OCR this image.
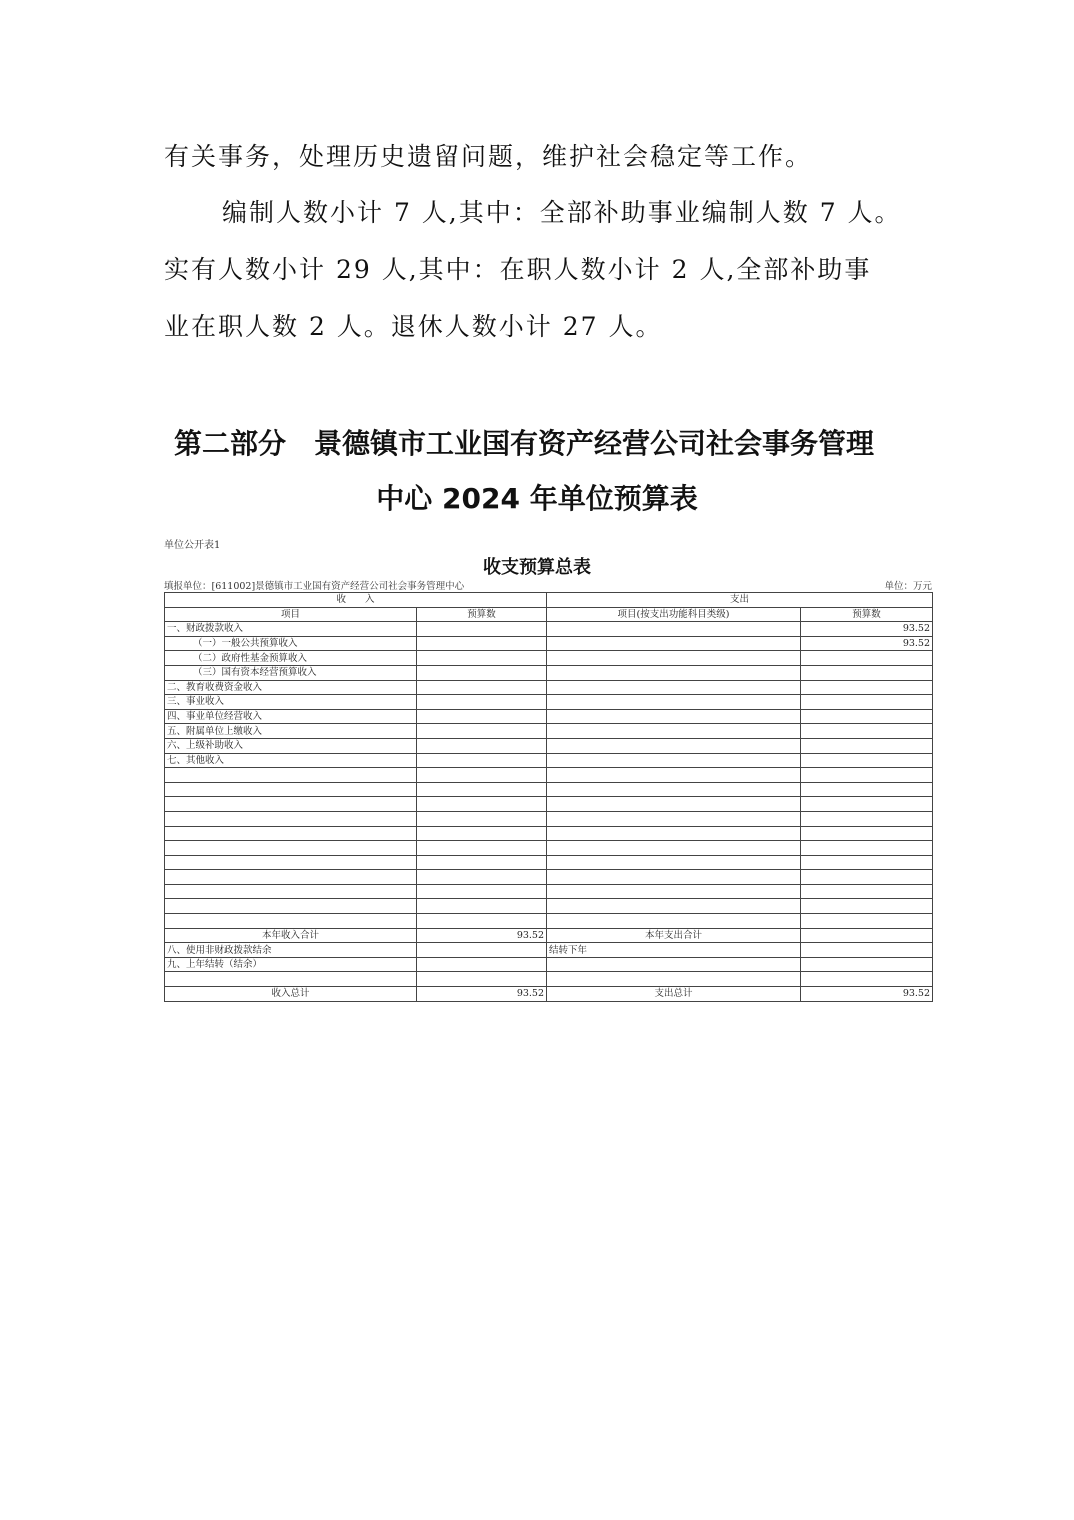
有关事务，处理历史遗留问题，维护社会稳定等工作。
编制人数小计 7 人,其中：全部补助事业编制人数 7 人。
实有人数小计 29 人,其中：在职人数小计 2 人,全部补助事
业在职人数 2 人。退休人数小计 27 人。
第二部分　景德镇市工业国有资产经营公司社会事务管理
中心 2024 年单位预算表
单位公开表1
收支预算总表
填报单位：[611002]景德镇市工业国有资产经营公司社会事务管理中心	单位：万元
收　　入		支出	
项目	预算数	项目(按支出功能科目类级)	预算数
一、财政拨款收入			93.52
（一）一般公共预算收入			93.52
（二）政府性基金预算收入			
（三）国有资本经营预算收入			
二、教育收费资金收入			
三、事业收入			
四、事业单位经营收入			
五、附属单位上缴收入			
六、上级补助收入			
七、其他收入			

本年收入合计	93.52	本年支出合计	
八、使用非财政拨款结余		结转下年	
九、上年结转（结余）			

收入总计	93.52	支出总计	93.52
